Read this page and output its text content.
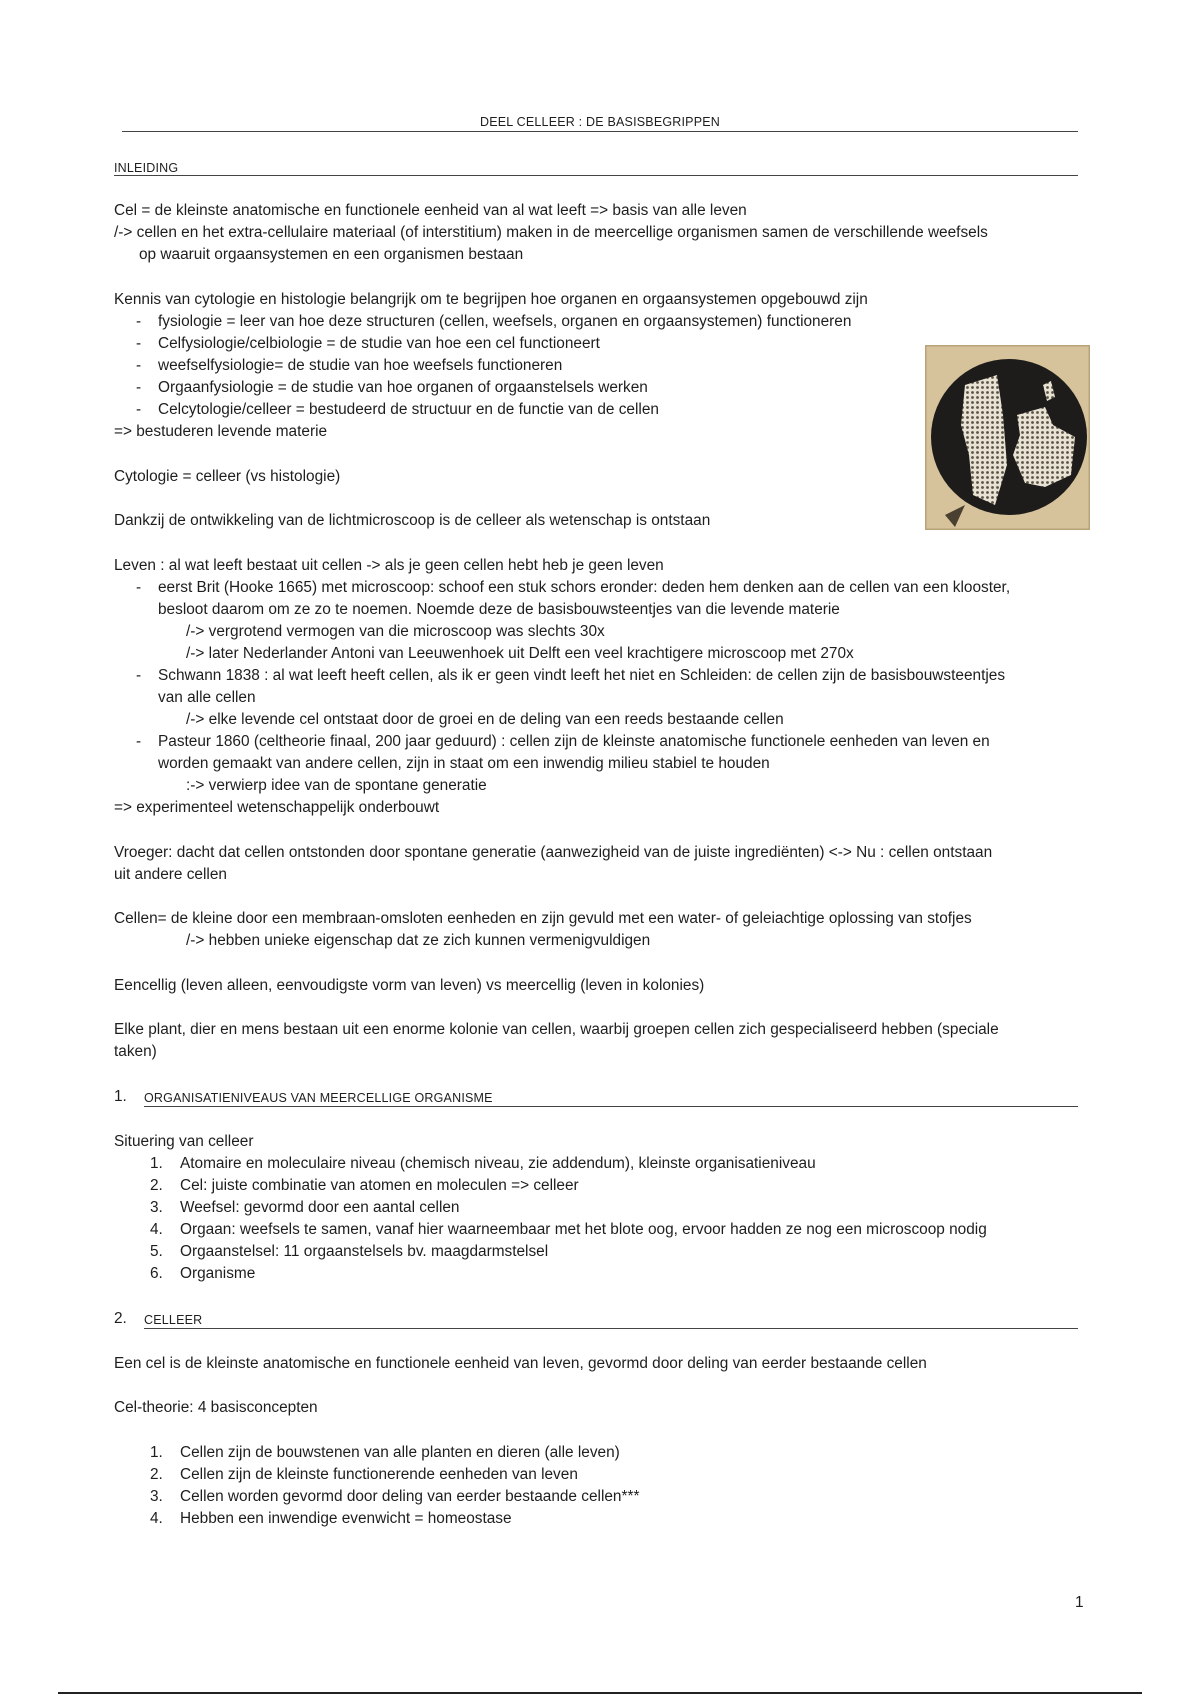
DEEL CELLEER : DE BASISBEGRIPPEN
INLEIDING
Cel = de kleinste anatomische en functionele eenheid van al wat leeft => basis van alle leven
/-> cellen en het extra-cellulaire materiaal (of interstitium) maken in de meercellige organismen samen de verschillende weefsels
op waaruit orgaansystemen en een organismen bestaan
Kennis van cytologie en histologie belangrijk om te begrijpen hoe organen en orgaansystemen opgebouwd zijn
- fysiologie = leer van hoe deze structuren (cellen, weefsels, organen en orgaansystemen) functioneren
- Celfysiologie/celbiologie = de studie van hoe een cel functioneert
- weefselfysiologie= de studie van hoe weefsels functioneren
- Orgaanfysiologie = de studie van hoe organen of orgaanstelsels werken
- Celcytologie/celleer = bestudeerd de structuur en de functie van de cellen
=> bestuderen levende materie
Cytologie = celleer (vs histologie)
Dankzij de ontwikkeling van de lichtmicroscoop is de celleer als wetenschap is ontstaan
Leven : al wat leeft bestaat uit cellen -> als je geen cellen hebt heb je geen leven
- eerst Brit (Hooke 1665) met microscoop: schoof een stuk schors eronder: deden hem denken aan de cellen van een klooster,
besloot daarom om ze zo te noemen. Noemde deze de basisbouwsteentjes van die levende materie
/-> vergrotend vermogen van die microscoop was slechts 30x
/-> later Nederlander Antoni van Leeuwenhoek uit Delft een veel krachtigere microscoop met 270x
- Schwann 1838 : al wat leeft heeft cellen, als ik er geen vindt leeft het niet en Schleiden: de cellen zijn de basisbouwsteentjes
van alle cellen
/-> elke levende cel ontstaat door de groei en de deling van een reeds bestaande cellen
- Pasteur 1860 (celtheorie finaal, 200 jaar geduurd) : cellen zijn de kleinste anatomische functionele eenheden van leven en
worden gemaakt van andere cellen, zijn in staat om een inwendig milieu stabiel te houden
:-> verwierp idee van de spontane generatie
=> experimenteel wetenschappelijk onderbouwt
Vroeger: dacht dat cellen ontstonden door spontane generatie (aanwezigheid van de juiste ingrediënten) <-> Nu : cellen ontstaan
uit andere cellen
Cellen= de kleine door een membraan-omsloten eenheden en zijn gevuld met een water- of geleiachtige oplossing van stofjes
/-> hebben unieke eigenschap dat ze zich kunnen vermenigvuldigen
Eencellig (leven alleen, eenvoudigste vorm van leven) vs meercellig (leven in kolonies)
Elke plant, dier en mens bestaan uit een enorme kolonie van cellen, waarbij groepen cellen zich gespecialiseerd hebben (speciale
taken)
1. ORGANISATIENIVEAUS VAN MEERCELLIGE ORGANISME
Situering van celleer
1. Atomaire en moleculaire niveau (chemisch niveau, zie addendum), kleinste organisatieniveau
2. Cel: juiste combinatie van atomen en moleculen => celleer
3. Weefsel: gevormd door een aantal cellen
4. Orgaan: weefsels te samen, vanaf hier waarneembaar met het blote oog, ervoor hadden ze nog een microscoop nodig
5. Orgaanstelsel: 11 orgaanstelsels bv. maagdarmstelsel
6. Organisme
2. CELLEER
Een cel is de kleinste anatomische en functionele eenheid van leven, gevormd door deling van eerder bestaande cellen
Cel-theorie: 4 basisconcepten
1. Cellen zijn de bouwstenen van alle planten en dieren (alle leven)
2. Cellen zijn de kleinste functionerende eenheden van leven
3. Cellen worden gevormd door deling van eerder bestaande cellen***
4. Hebben een inwendige evenwicht = homeostase
1
